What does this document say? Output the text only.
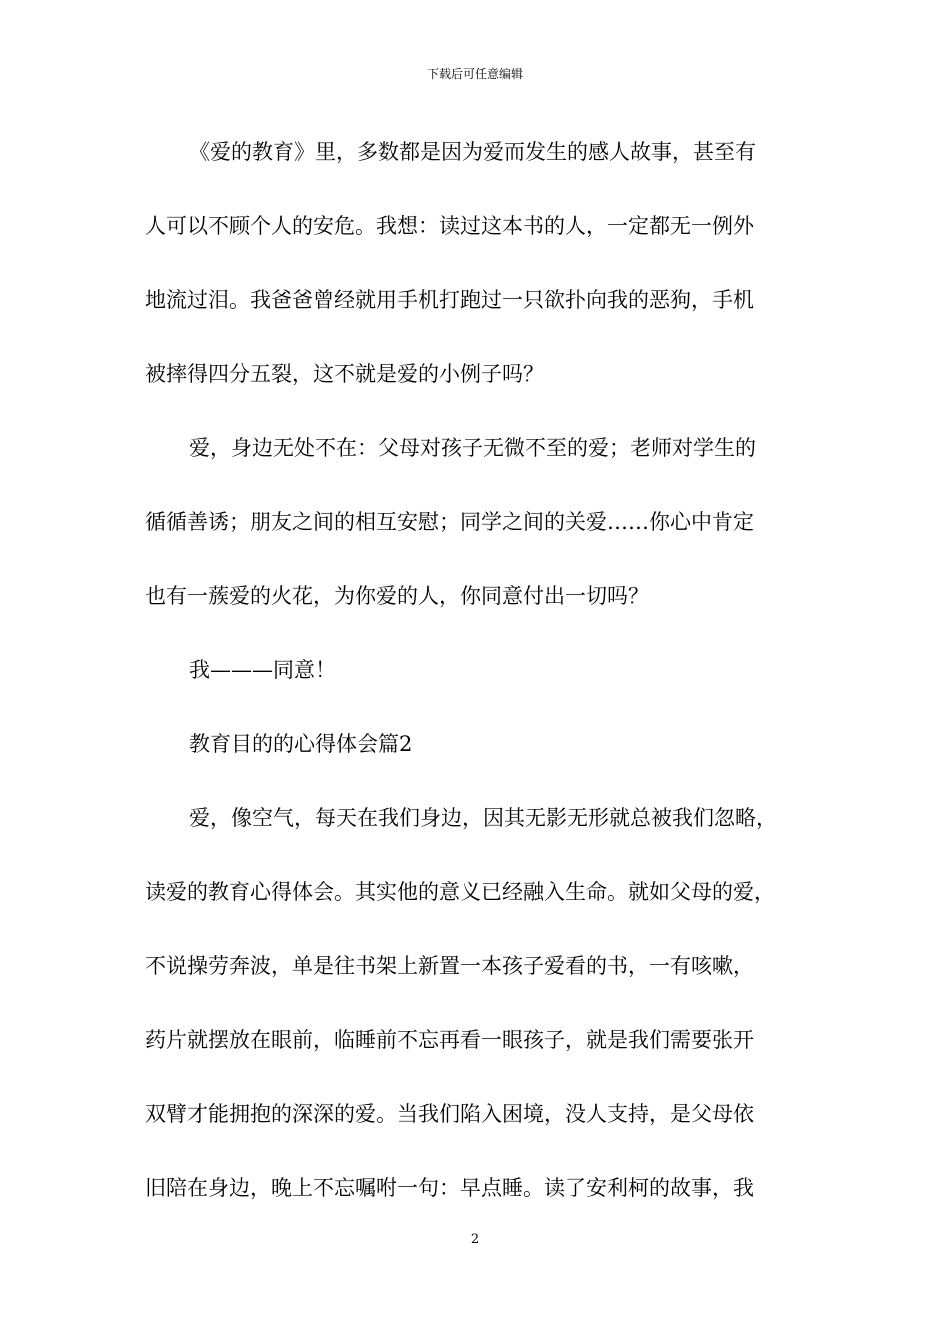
下载后可任意编辑
《爱的教育》里，多数都是因为爱而发生的感人故事，甚至有
人可以不顾个人的安危。我想：读过这本书的人，一定都无一例外
地流过泪。我爸爸曾经就用手机打跑过一只欲扑向我的恶狗，手机
被摔得四分五裂，这不就是爱的小例子吗？
爱，身边无处不在：父母对孩子无微不至的爱；老师对学生的
循循善诱；朋友之间的相互安慰；同学之间的关爱……你心中肯定
也有一蔟爱的火花，为你爱的人，你同意付出一切吗？
我———同意！
教育目的的心得体会篇2
爱，像空气，每天在我们身边，因其无影无形就总被我们忽略，
读爱的教育心得体会。其实他的意义已经融入生命。就如父母的爱，
不说操劳奔波，单是往书架上新置一本孩子爱看的书，一有咳嗽，
药片就摆放在眼前，临睡前不忘再看一眼孩子，就是我们需要张开
双臂才能拥抱的深深的爱。当我们陷入困境，没人支持，是父母依
旧陪在身边，晚上不忘嘱咐一句：早点睡。读了安利柯的故事，我
2
